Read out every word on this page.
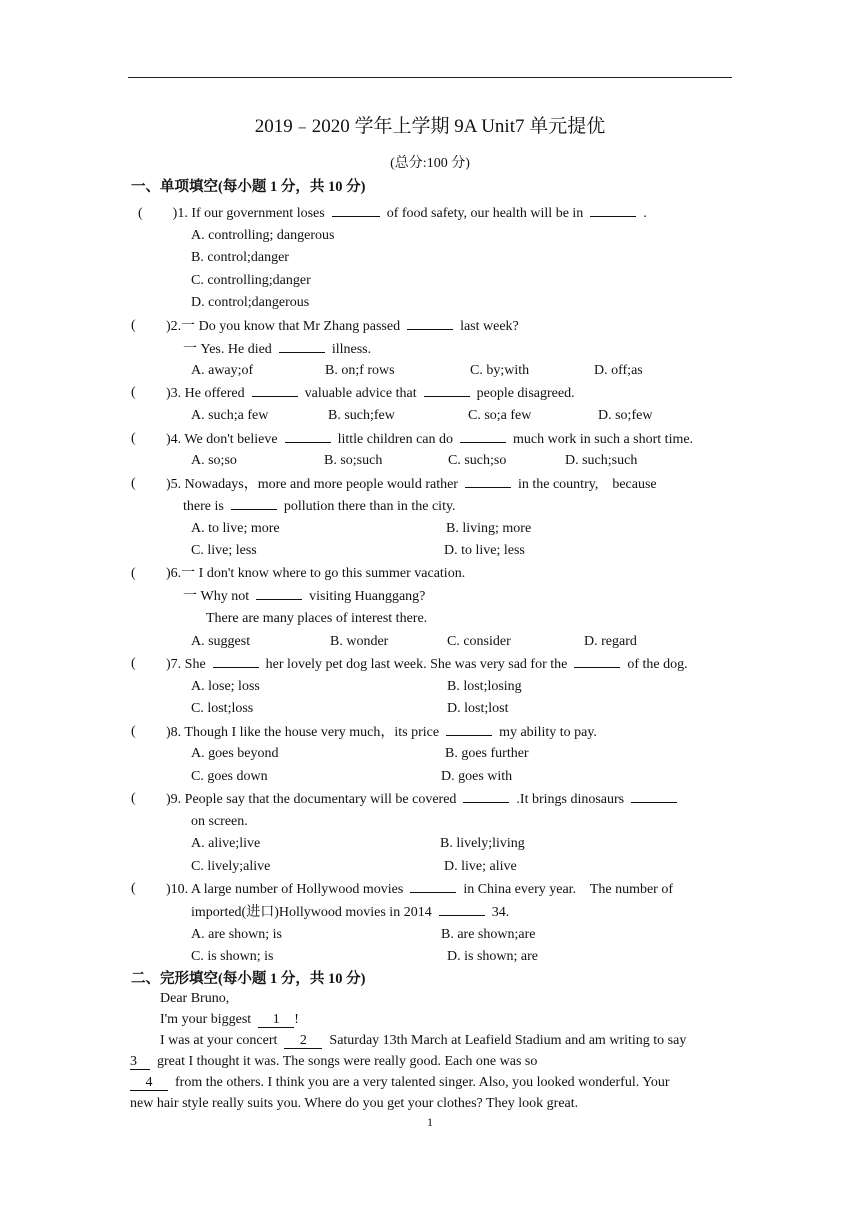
2019﹣2020 学年上学期 9A Unit7 单元提优
(总分:100 分)
一、单项填空(每小题 1 分，共 10 分)
( )1. If our government loses	of food safety, our health will be in	.
A. controlling; dangerous
B. control;danger
C. controlling;danger
D. control;dangerous
( )2.一 Do you know that Mr Zhang passed	last week?
一 Yes. He died	illness.
A. away;of	B. on;f rows	C. by;with	D. off;as
( )3. He offered	valuable advice that	people disagreed.
A. such;a few	B. such;few	C. so;a few	D. so;few
( )4. We don't believe	little children can do	much work in such a short time.
A. so;so	B. so;such	C. such;so	D. such;such
( )5. Nowadays，more and more people would rather	in the country,    because
there is	pollution there than in the city.
A. to live; more	B. living; more
C. live; less	D. to live; less
( )6.一 I don't know where to go this summer vacation.
一 Why not	visiting Huanggang?
There are many places of interest there.
A. suggest	B. wonder	C. consider	D. regard
( )7. She	her lovely pet dog last week. She was very sad for the	of the dog.
A. lose; loss	B. lost;losing
C. lost;loss	D. lost;lost
( )8. Though I like the house very much，its price	my ability to pay.
A. goes beyond	B. goes further
C. goes down	D. goes with
( )9. People say that the documentary will be covered	.It brings dinosaurs
on screen.
A. alive;live	B. lively;living
C. lively;alive	D. live; alive
( )10. A large number of Hollywood movies	in China every year.    The number of
imported(进口)Hollywood movies in 2014	34.
A. are shown; is	B. are shown;are
C. is shown; is	D. is shown; are
二、完形填空(每小题 1 分，共 10 分)
Dear Bruno,
I'm your biggest 1 !
I was at your concert 2 Saturday 13th March at Leafield Stadium and am writing to say
3 great I thought it was. The songs were really good. Each one was so
4 from the others. I think you are a very talented singer. Also, you looked wonderful. Your
new hair style really suits you. Where do you get your clothes? They look great.
1
